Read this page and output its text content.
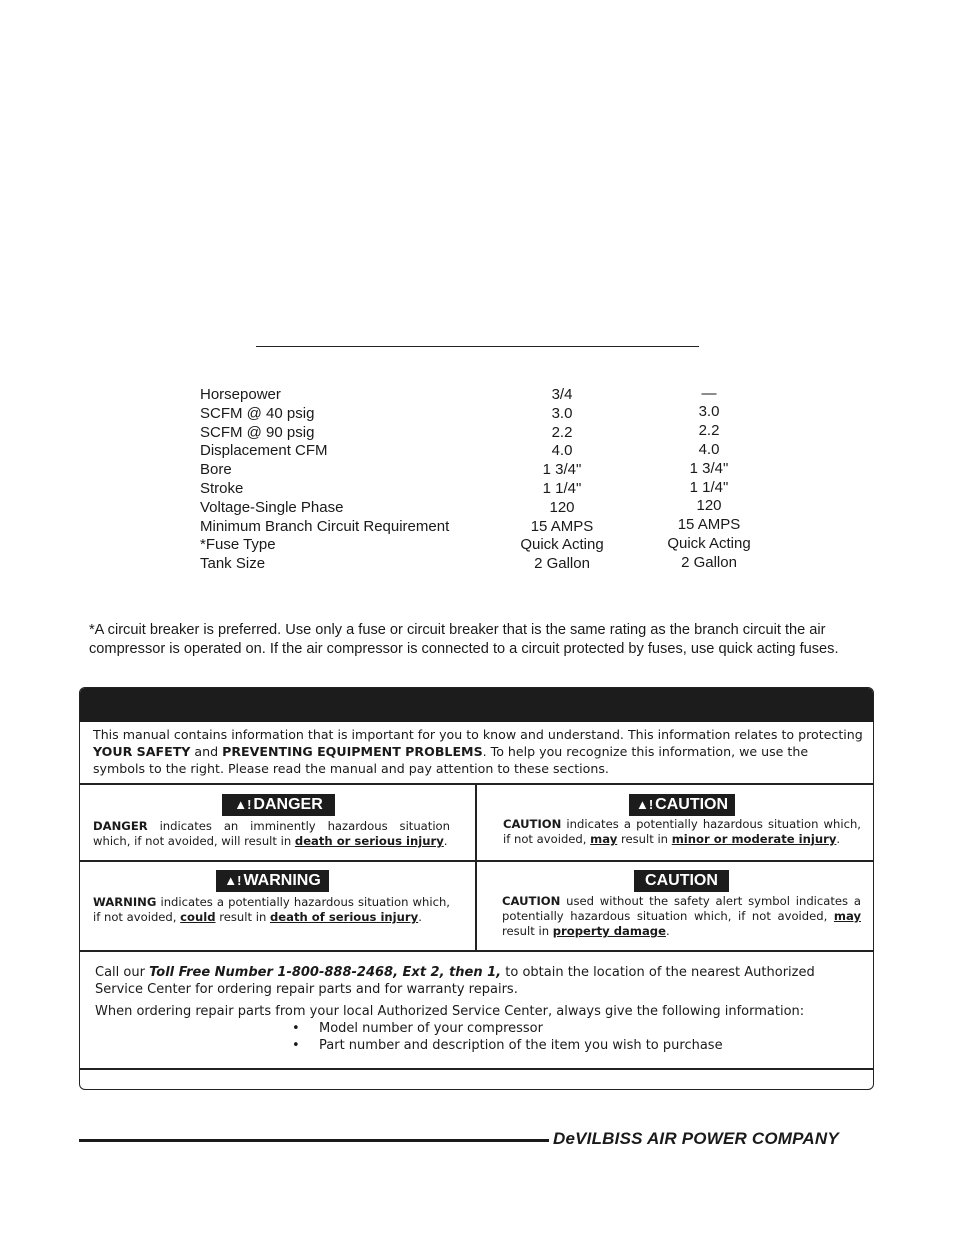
Horsepower	3/4	—
SCFM @ 40 psig	3.0	3.0
SCFM @ 90 psig	2.2	2.2
Displacement CFM	4.0	4.0
Bore	1 3/4"	1 3/4"
Stroke	1 1/4"	1 1/4"
Voltage-Single Phase	120	120
Minimum Branch Circuit Requirement	15 AMPS	15 AMPS
*Fuse Type	Quick Acting	Quick Acting
Tank Size	2 Gallon	2 Gallon
*A circuit breaker is preferred. Use only a fuse or circuit breaker that is the same rating as the branch circuit the air compressor is operated on. If the air compressor is connected to a circuit protected by fuses, use quick acting fuses.
This manual contains information that is important for you to know and understand. This information relates to protecting YOUR SAFETY and PREVENTING EQUIPMENT PROBLEMS. To help you recognize this information, we use the symbols to the right. Please read the manual and pay attention to these sections.
▲! DANGER
DANGER indicates an imminently hazardous situation which, if not avoided, will result in death or serious injury.
▲! CAUTION
CAUTION indicates a potentially hazardous situation which, if not avoided, may result in minor or moderate injury.
▲! WARNING
WARNING indicates a potentially hazardous situation which, if not avoided, could result in death of serious injury.
CAUTION
CAUTION used without the safety alert symbol indicates a potentially hazardous situation which, if not avoided, may result in property damage.
Call our Toll Free Number 1-800-888-2468, Ext 2, then 1, to obtain the location of the nearest Authorized Service Center for ordering repair parts and for warranty repairs.
When ordering repair parts from your local Authorized Service Center, always give the following information:
• Model number of your compressor
• Part number and description of the item you wish to purchase
DeVILBISS AIR POWER COMPANY
